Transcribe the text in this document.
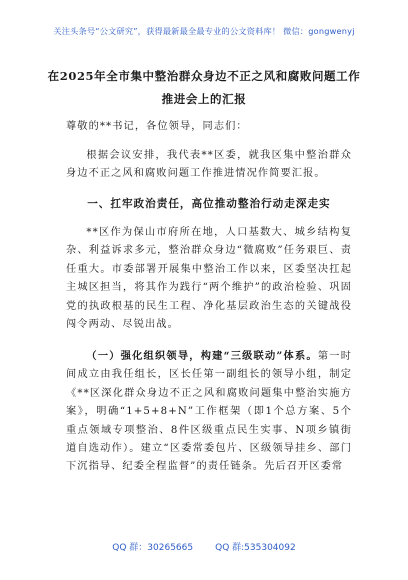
关注头条号“公文研究”，获得最新最全最专业的公文资料库！ 微信：gongwenyj
在2025年全市集中整治群众身边不正之风和腐败问题工作
推进会上的汇报

尊敬的**书记，各位领导，同志们：

根据会议安排，我代表**区委，就我区集中整治群众身边不正之风和腐败问题工作推进情况作简要汇报。

一、扛牢政治责任，高位推动整治行动走深走实

**区作为保山市府所在地，人口基数大、城乡结构复杂、利益诉求多元，整治群众身边“微腐败”任务艰巨、责任重大。市委部署开展集中整治工作以来，区委坚决扛起主城区担当，将其作为践行“两个维护”的政治检验、巩固党的执政根基的民生工程、净化基层政治生态的关键战役闯令两动、尽锐出战。

（一）强化组织领导，构建“三级联动”体系。第一时间成立由我任组长，区长任第一副组长的领导小组，制定《**区深化群众身边不正之风和腐败问题集中整治实施方案》，明确“1+5+8+N”工作框架（即1个总方案、5个重点领域专项整治、8件区级重点民生实事、N项乡镇街道自选动作）。建立“区委常委包片、区级领导挂乡、部门下沉指导、纪委全程监督”的责任链条。先后召开区委常

QQ 群：30265665 QQ 群:535304092
